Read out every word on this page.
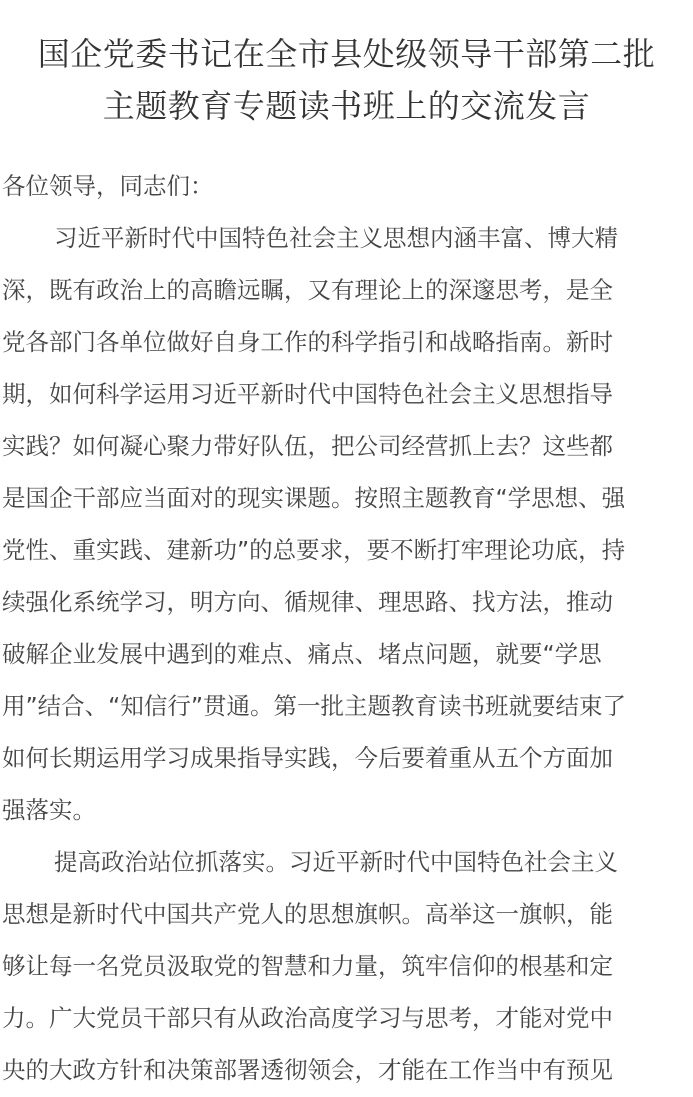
国企党委书记在全市县处级领导干部第二批
主题教育专题读书班上的交流发言
各位领导，同志们：
习近平新时代中国特色社会主义思想内涵丰富、博大精
深，既有政治上的高瞻远瞩，又有理论上的深邃思考，是全
党各部门各单位做好自身工作的科学指引和战略指南。新时
期，如何科学运用习近平新时代中国特色社会主义思想指导
实践？如何凝心聚力带好队伍，把公司经营抓上去？这些都
是国企干部应当面对的现实课题。按照主题教育“学思想、强
党性、重实践、建新功”的总要求，要不断打牢理论功底，持
续强化系统学习，明方向、循规律、理思路、找方法，推动
破解企业发展中遇到的难点、痛点、堵点问题，就要“学思
用”结合、“知信行”贯通。第一批主题教育读书班就要结束了
如何长期运用学习成果指导实践，今后要着重从五个方面加
强落实。
提高政治站位抓落实。习近平新时代中国特色社会主义
思想是新时代中国共产党人的思想旗帜。高举这一旗帜，能
够让每一名党员汲取党的智慧和力量，筑牢信仰的根基和定
力。广大党员干部只有从政治高度学习与思考，才能对党中
央的大政方针和决策部署透彻领会，才能在工作当中有预见
